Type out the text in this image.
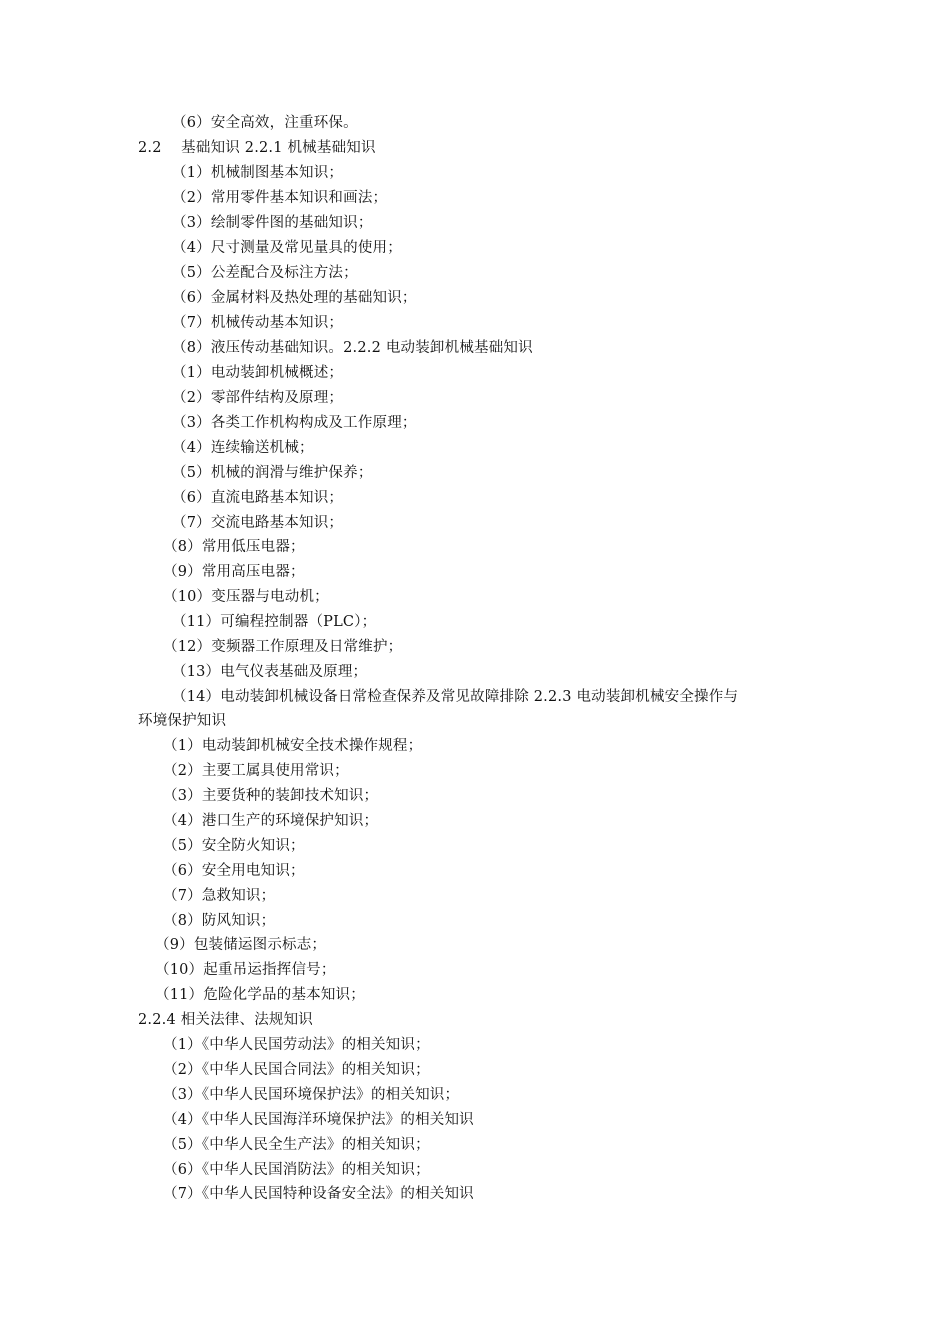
（6）安全高效，注重环保。
2.2　 基础知识 2.2.1 机械基础知识
（1）机械制图基本知识；
（2）常用零件基本知识和画法；
（3）绘制零件图的基础知识；
（4）尺寸测量及常见量具的使用；
（5）公差配合及标注方法；
（6）金属材料及热处理的基础知识；
（7）机械传动基本知识；
（8）液压传动基础知识。2.2.2 电动装卸机械基础知识
（1）电动装卸机械概述；
（2）零部件结构及原理；
（3）各类工作机构构成及工作原理；
（4）连续输送机械；
（5）机械的润滑与维护保养；
（6）直流电路基本知识；
（7）交流电路基本知识；
（8）常用低压电器；
（9）常用高压电器；
（10）变压器与电动机；
（11）可编程控制器（PLC）；
（12）变频器工作原理及日常维护；
（13）电气仪表基础及原理；
（14）电动装卸机械设备日常检查保养及常见故障排除 2.2.3 电动装卸机械安全操作与
环境保护知识
（1）电动装卸机械安全技术操作规程；
（2）主要工属具使用常识；
（3）主要货种的装卸技术知识；
（4）港口生产的环境保护知识；
（5）安全防火知识；
（6）安全用电知识；
（7）急救知识；
（8）防风知识；
（9）包装储运图示标志；
（10）起重吊运指挥信号；
（11）危险化学品的基本知识；
2.2.4 相关法律、法规知识
（1）《中华人民国劳动法》的相关知识；
（2）《中华人民国合同法》的相关知识；
（3）《中华人民国环境保护法》的相关知识；
（4）《中华人民国海洋环境保护法》的相关知识
（5）《中华人民全生产法》的相关知识；
（6）《中华人民国消防法》的相关知识；
（7）《中华人民国特种设备安全法》的相关知识
